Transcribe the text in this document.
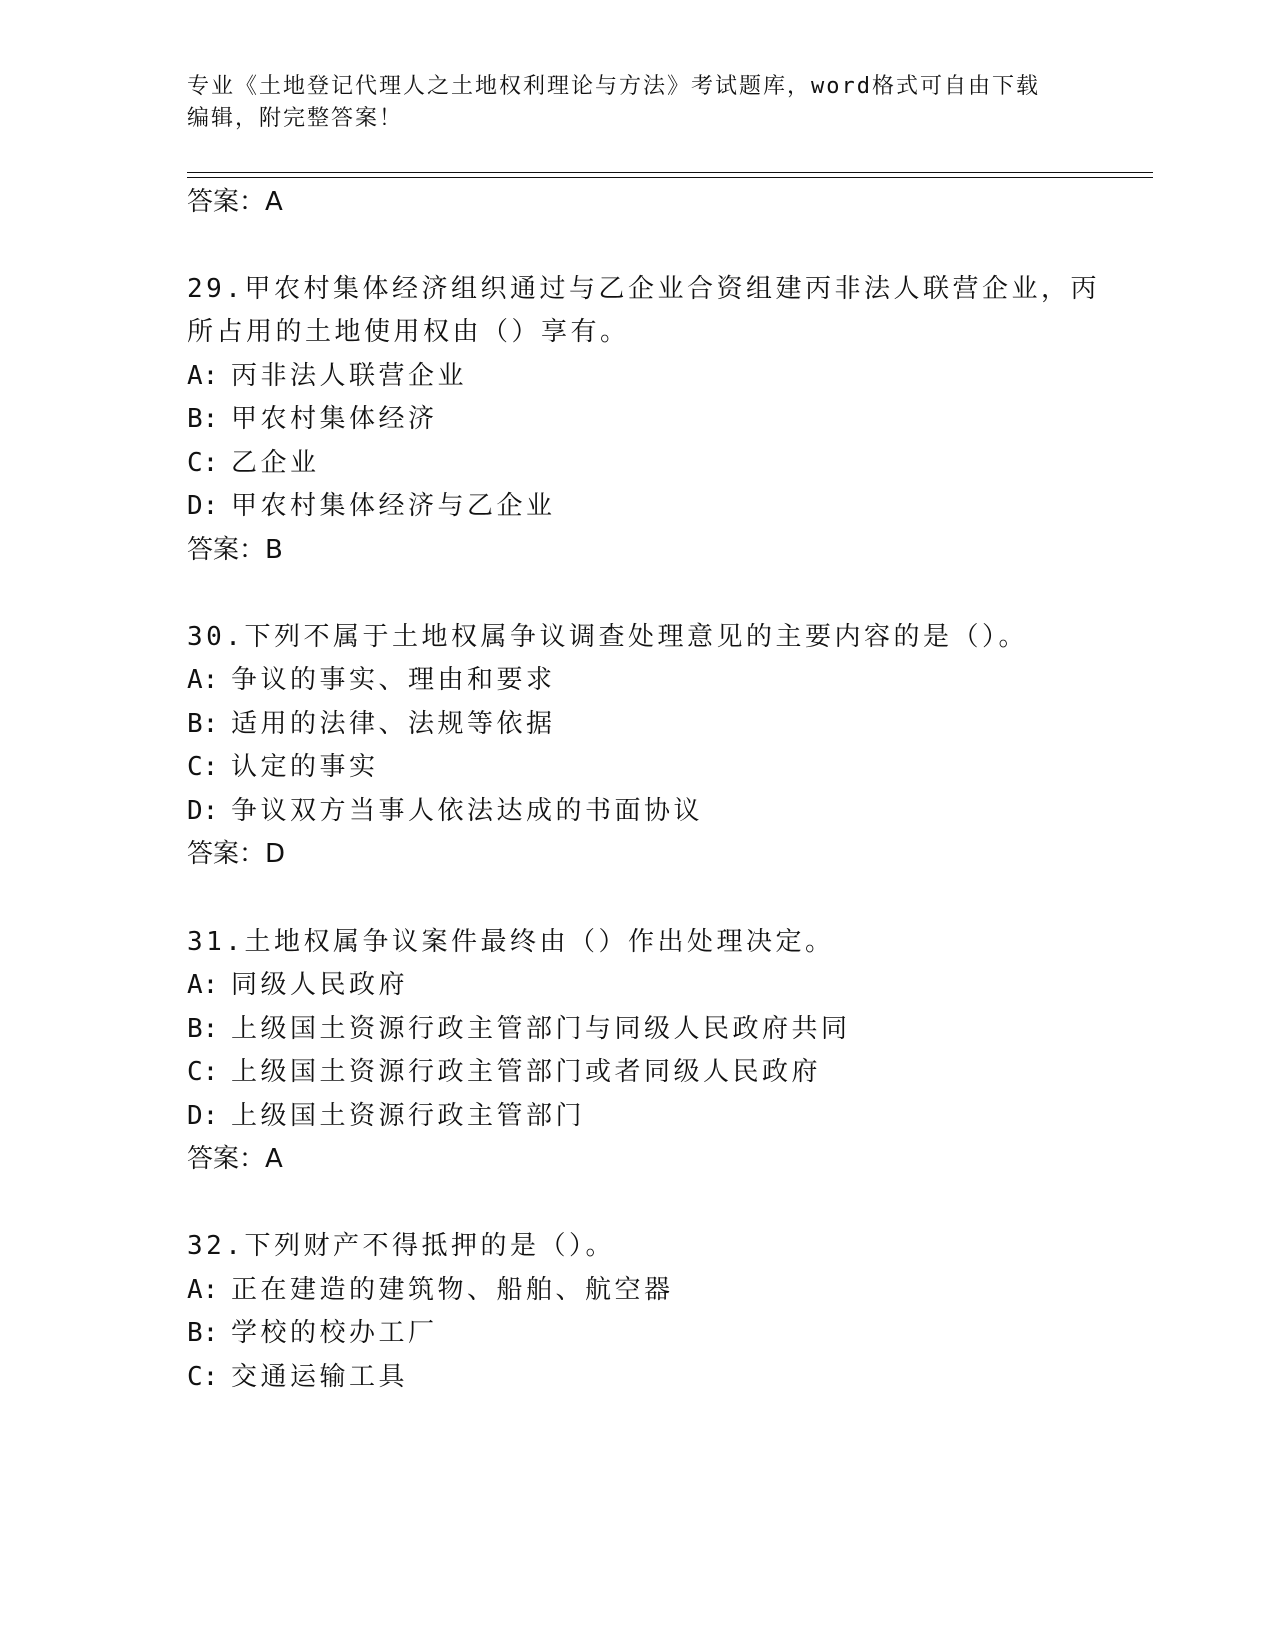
专业《土地登记代理人之土地权利理论与方法》考试题库，word格式可自由下载
编辑，附完整答案！
答案：A
29.甲农村集体经济组织通过与乙企业合资组建丙非法人联营企业，丙
所占用的土地使用权由（）享有。
A: 丙非法人联营企业
B: 甲农村集体经济
C: 乙企业
D: 甲农村集体经济与乙企业
答案：B
30.下列不属于土地权属争议调查处理意见的主要内容的是（）。
A: 争议的事实、理由和要求
B: 适用的法律、法规等依据
C: 认定的事实
D: 争议双方当事人依法达成的书面协议
答案：D
31.土地权属争议案件最终由（）作出处理决定。
A: 同级人民政府
B: 上级国土资源行政主管部门与同级人民政府共同
C: 上级国土资源行政主管部门或者同级人民政府
D: 上级国土资源行政主管部门
答案：A
32.下列财产不得抵押的是（）。
A: 正在建造的建筑物、船舶、航空器
B: 学校的校办工厂
C: 交通运输工具
